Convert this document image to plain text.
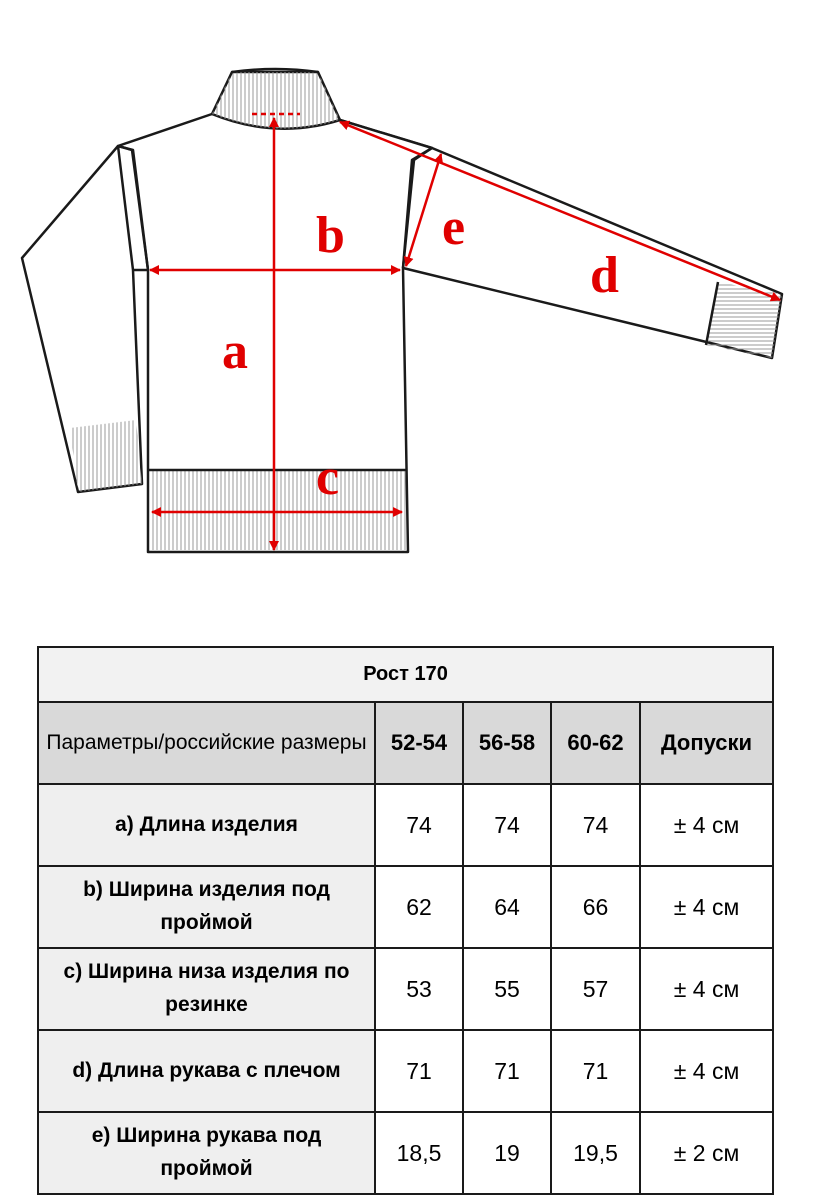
a
b
c
d
e
Рост 170				
Параметры/российские размеры	52-54	56-58	60-62	Допуски
a) Длина изделия	74	74	74	± 4 см
b) Ширина изделия под проймой	62	64	66	± 4 см
c) Ширина низа изделия по резинке	53	55	57	± 4 см
d) Длина рукава с плечом	71	71	71	± 4 см
e) Ширина рукава под проймой	18,5	19	19,5	± 2 см
